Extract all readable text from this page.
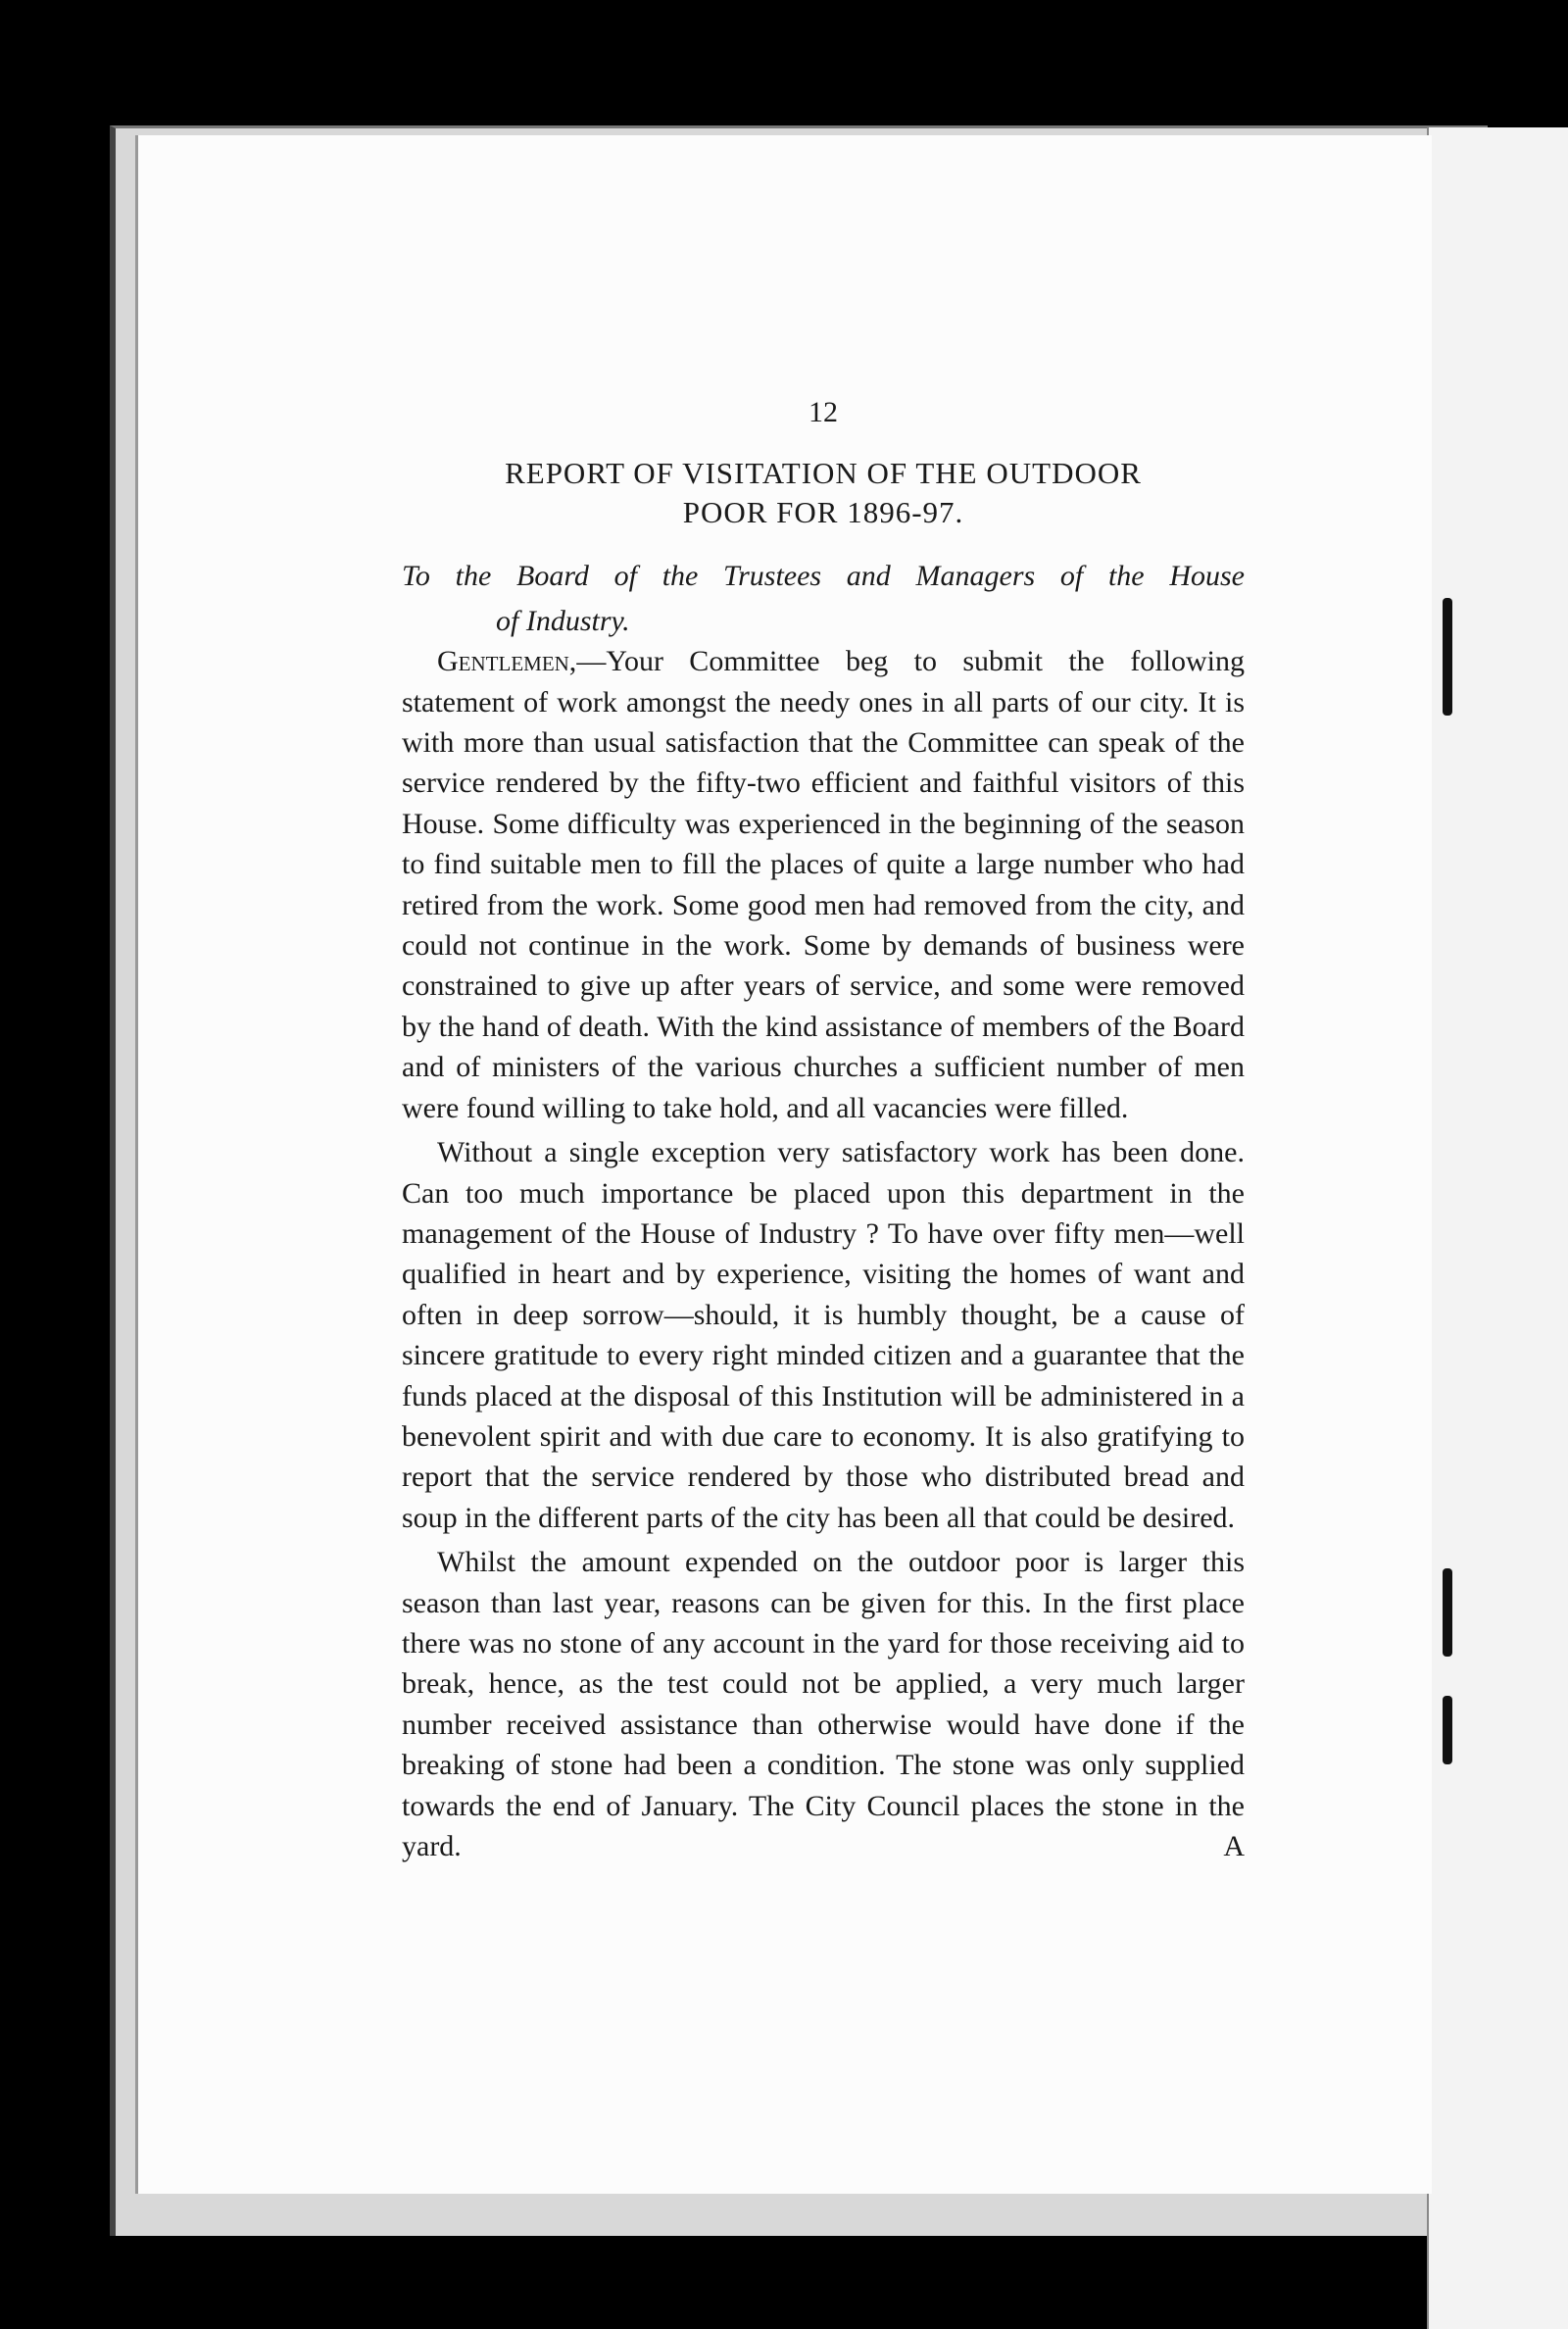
12
REPORT OF VISITATION OF THE OUTDOOR
POOR FOR 1896-97.

To the Board of the Trustees and Managers of the House

of Industry.

Gentlemen,—Your Committee beg to submit the following statement of work amongst the needy ones in all parts of our city. It is with more than usual satisfaction that the Committee can speak of the service rendered by the fifty-two efficient and faithful visitors of this House. Some difficulty was experienced in the beginning of the season to find suitable men to fill the places of quite a large number who had retired from the work. Some good men had removed from the city, and could not continue in the work. Some by demands of business were constrained to give up after years of service, and some were removed by the hand of death. With the kind assistance of members of the Board and of ministers of the various churches a sufficient number of men were found willing to take hold, and all vacancies were filled.

Without a single exception very satisfactory work has been done. Can too much importance be placed upon this department in the management of the House of Industry ? To have over fifty men—well qualified in heart and by experience, visiting the homes of want and often in deep sorrow—should, it is humbly thought, be a cause of sincere gratitude to every right minded citizen and a guarantee that the funds placed at the disposal of this Institution will be administered in a benevolent spirit and with due care to economy. It is also gratifying to report that the service rendered by those who distributed bread and soup in the different parts of the city has been all that could be desired.

Whilst the amount expended on the outdoor poor is larger this season than last year, reasons can be given for this. In the first place there was no stone of any account in the yard for those receiving aid to break, hence, as the test could not be applied, a very much larger number received assistance than otherwise would have done if the breaking of stone had been a condition. The stone was only supplied towards the end of January. The City Council places the stone in the yard. A
